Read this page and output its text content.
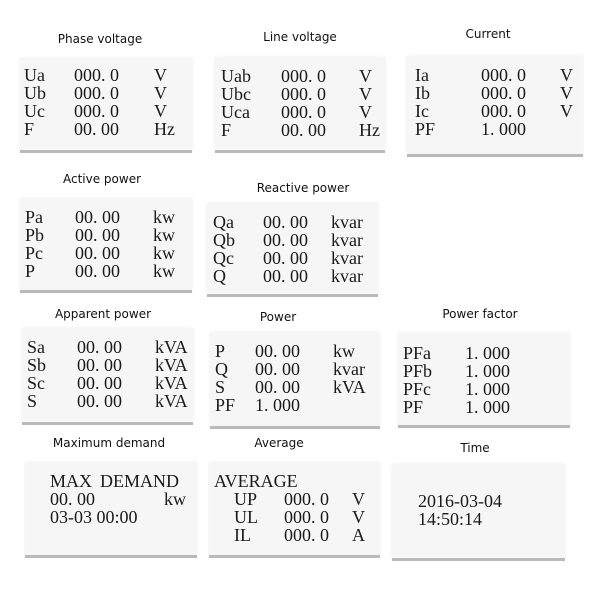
Phase voltage
Ua 000. 0 V
Ub 000. 0 V
Uc 000. 0 V
F 00. 00 Hz
Line voltage
Uab 000. 0 V
Ubc 000. 0 V
Uca 000. 0 V
F	00. 00 Hz
Current
Ia	000. 0 V
Ib	000. 0 V
Ic	000. 0 V
PF	1. 000
Active power
Pa 00. 00 kw
Pb 00. 00 kw
Pc 00. 00 kw
P 00. 00 kw
Reactive power
Qa 00. 00 kvar
Qb 00. 00 kvar
Qc 00. 00 kvar
Q 00. 00 kvar
Apparent power
Sa 00. 00 kVA
Sb 00. 00 kVA
Sc 00. 00 kVA
S 00. 00 kVA
Power
P 00. 00 kw
Q 00. 00 kvar
S 00. 00 kVA
PF 1. 000
Power factor
PFa 1. 000
PFb 1. 000
PFc 1. 000
PF 1. 000
Maximum demand
MAX DEMAND
00. 00	kw
03-03 00:00
Average
AVERAGE
UP 000. 0 V
UL 000. 0 V
IL 000. 0 A
Time
2016-03-04
14:50:14
